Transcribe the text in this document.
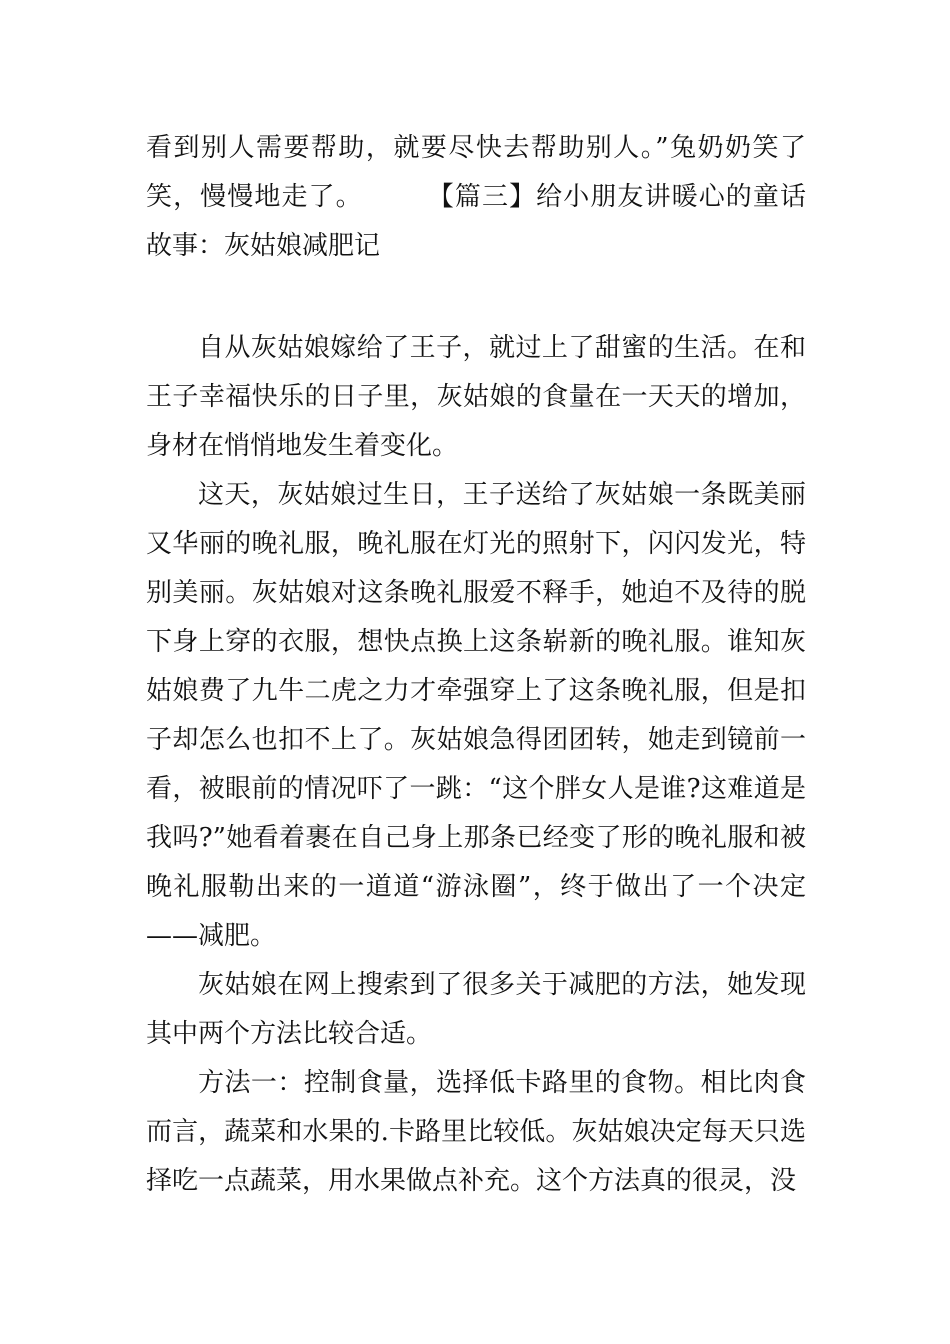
看到别人需要帮助，就要尽快去帮助别人。”兔奶奶笑了笑，慢慢地走了。 【篇三】给小朋友讲暖心的童话故事：灰姑娘减肥记

自从灰姑娘嫁给了王子，就过上了甜蜜的生活。在和王子幸福快乐的日子里，灰姑娘的食量在一天天的增加，身材在悄悄地发生着变化。

这天，灰姑娘过生日，王子送给了灰姑娘一条既美丽又华丽的晚礼服，晚礼服在灯光的照射下，闪闪发光，特别美丽。灰姑娘对这条晚礼服爱不释手，她迫不及待的脱下身上穿的衣服，想快点换上这条崭新的晚礼服。谁知灰姑娘费了九牛二虎之力才牵强穿上了这条晚礼服，但是扣子却怎么也扣不上了。灰姑娘急得团团转，她走到镜前一看，被眼前的情况吓了一跳：“这个胖女人是谁?这难道是我吗?”她看着裹在自己身上那条已经变了形的晚礼服和被晚礼服勒出来的一道道“游泳圈”，终于做出了一个决定——减肥。

灰姑娘在网上搜索到了很多关于减肥的方法，她发现其中两个方法比较合适。

方法一：控制食量，选择低卡路里的食物。相比肉食而言，蔬菜和水果的.卡路里比较低。灰姑娘决定每天只选择吃一点蔬菜，用水果做点补充。这个方法真的很灵，没
